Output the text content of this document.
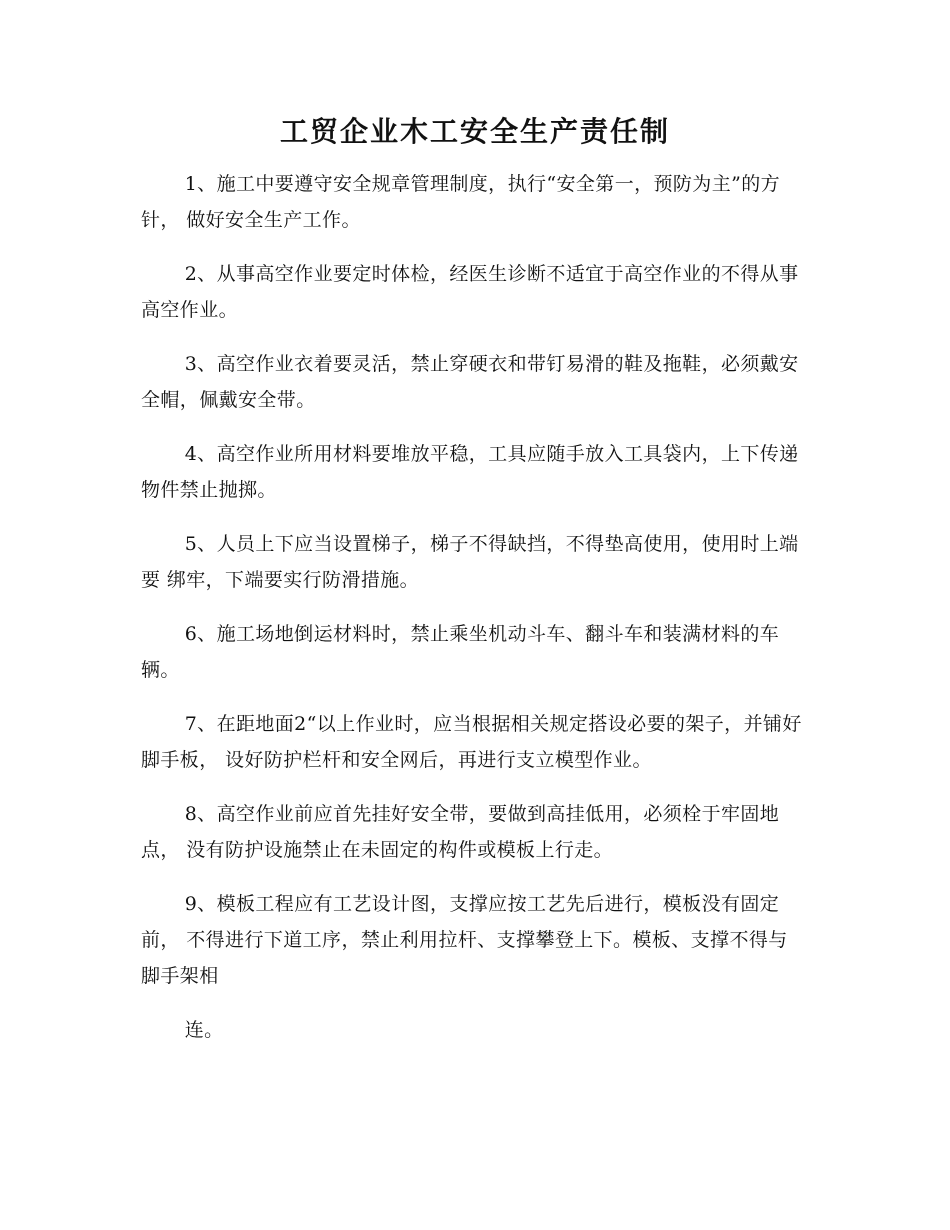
工贸企业木工安全生产责任制

1、施工中要遵守安全规章管理制度，执行“安全第一，预防为主”的方针， 做好安全生产工作。

2、从事高空作业要定时体检，经医生诊断不适宜于高空作业的不得从事 高空作业。

3、高空作业衣着要灵活，禁止穿硬衣和带钉易滑的鞋及拖鞋，必须戴安 全帽，佩戴安全带。

4、高空作业所用材料要堆放平稳，工具应随手放入工具袋内，上下传递 物件禁止抛掷。

5、人员上下应当设置梯子，梯子不得缺挡，不得垫高使用，使用时上端要 绑牢，下端要实行防滑措施。

6、施工场地倒运材料时，禁止乘坐机动斗车、翻斗车和装满材料的车辆。

7、在距地面2“以上作业时，应当根据相关规定搭设必要的架子，并铺好脚手板， 设好防护栏杆和安全网后，再进行支立模型作业。

8、高空作业前应首先挂好安全带，要做到高挂低用，必须栓于牢固地点， 没有防护设施禁止在未固定的构件或模板上行走。

9、模板工程应有工艺设计图，支撑应按工艺先后进行，模板没有固定前， 不得进行下道工序，禁止利用拉杆、支撑攀登上下。模板、支撑不得与脚手架相

连。
